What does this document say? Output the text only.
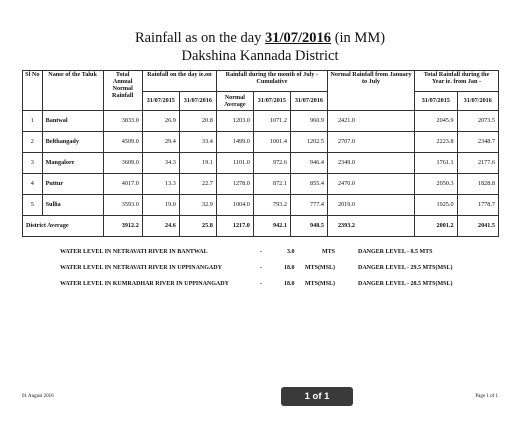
Rainfall as on the day 31/07/2016 (in MM)
Dakshina Kannada District
Sl No	Name of the Taluk	Total Annual Normal Rainfall	Rainfall on the day ie.on		Rainfall during the month of July - Cumulative			Normal Rainfall from January to July	Total Rainfall during the Year ie. from Jan -	
			31/07/2015	31/07/2016	Normal Average	31/07/2015	31/07/2016		31/07/2015	31/07/2016

1	Bantwal	3833.0	26.9	20.8	1203.0	1071.2	960.9	2421.0	2045.9	2073.5
2	Belthangady	4509.0	29.4	33.4	1499.0	1001.4	1202.5	2707.0	2223.8	2348.7
3	Mangalore	3609.0	34.3	19.1	1101.0	972.6	946.4	2349.0	1761.1	2177.6
4	Puttur	4017.0	13.3	22.7	1278.0	872.1	855.4	2470.0	2050.3	1828.8
5	Sullia	3593.0	19.0	32.9	1004.0	793.2	777.4	2019.0	1925.0	1778.7
District Average		3912.2	24.6	25.8	1217.0	942.1	948.5	2393.2	2001.2	2041.5
WATER LEVEL IN NETRAVATI RIVER IN BANTWAL	-	3.0	MTS	DANGER LEVEL - 8.5 MTS
WATER LEVEL IN NETRAVATI RIVER IN UPPINANGADY	-	18.0 MTS(MSL)	DANGER LEVEL - 29.5 MTS(MSL)
WATER LEVEL IN KUMRADHAR RIVER IN UPPINANGADY	-	18.0 MTS(MSL)	DANGER LEVEL - 28.5 MTS(MSL)
01 August 2016	1 of 1	Page 1 of 1
